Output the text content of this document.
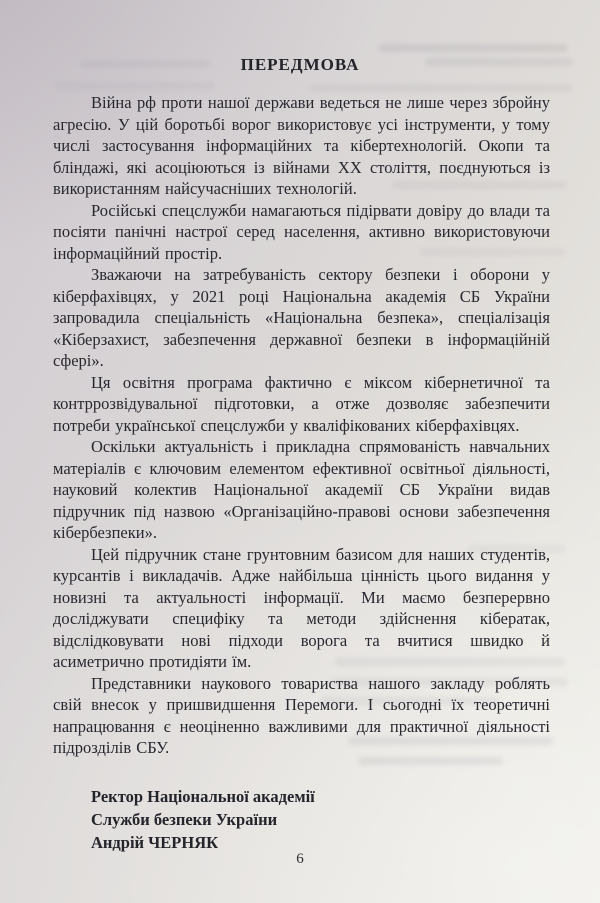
ПЕРЕДМОВА

Війна рф проти нашої держави ведеться не лише через збройну агресію. У цій боротьбі ворог використовує усі інструменти, у тому числі застосування інформаційних та кібертехнологій. Окопи та бліндажі, які асоціюються із війнами ХХ століття, поєднуються із використанням найсучасніших технологій.

Російські спецслужби намагаються підірвати довіру до влади та посіяти панічні настрої серед населення, активно використовуючи інформаційний простір.

Зважаючи на затребуваність сектору безпеки і оборони у кіберфахівцях, у 2021 році Національна академія СБ України запровадила спеціальність «Національна безпека», спеціалізація «Кіберзахист, забезпечення державної безпеки в інформаційній сфері».

Ця освітня програма фактично є міксом кібернетичної та контррозвідувальної підготовки, а отже дозволяє забезпечити потреби української спецслужби у кваліфікованих кіберфахівцях.

Оскільки актуальність і прикладна спрямованість навчальних матеріалів є ключовим елементом ефективної освітньої діяльності, науковий колектив Національної академії СБ України видав підручник під назвою «Організаційно-правові основи забезпечення кібербезпеки».

Цей підручник стане грунтовним базисом для наших студентів, курсантів і викладачів. Адже найбільша цінність цього видання у новизні та актуальності інформації. Ми маємо безперервно досліджувати специфіку та методи здійснення кібератак, відслідковувати нові підходи ворога та вчитися швидко й асиметрично протидіяти їм.

Представники наукового товариства нашого закладу роблять свій внесок у пришвидшення Перемоги. І сьогодні їх теоретичні напрацювання є неоціненно важливими для практичної діяльності підрозділів СБУ.

Ректор Національної академії
Служби безпеки України
Андрій ЧЕРНЯК
6
